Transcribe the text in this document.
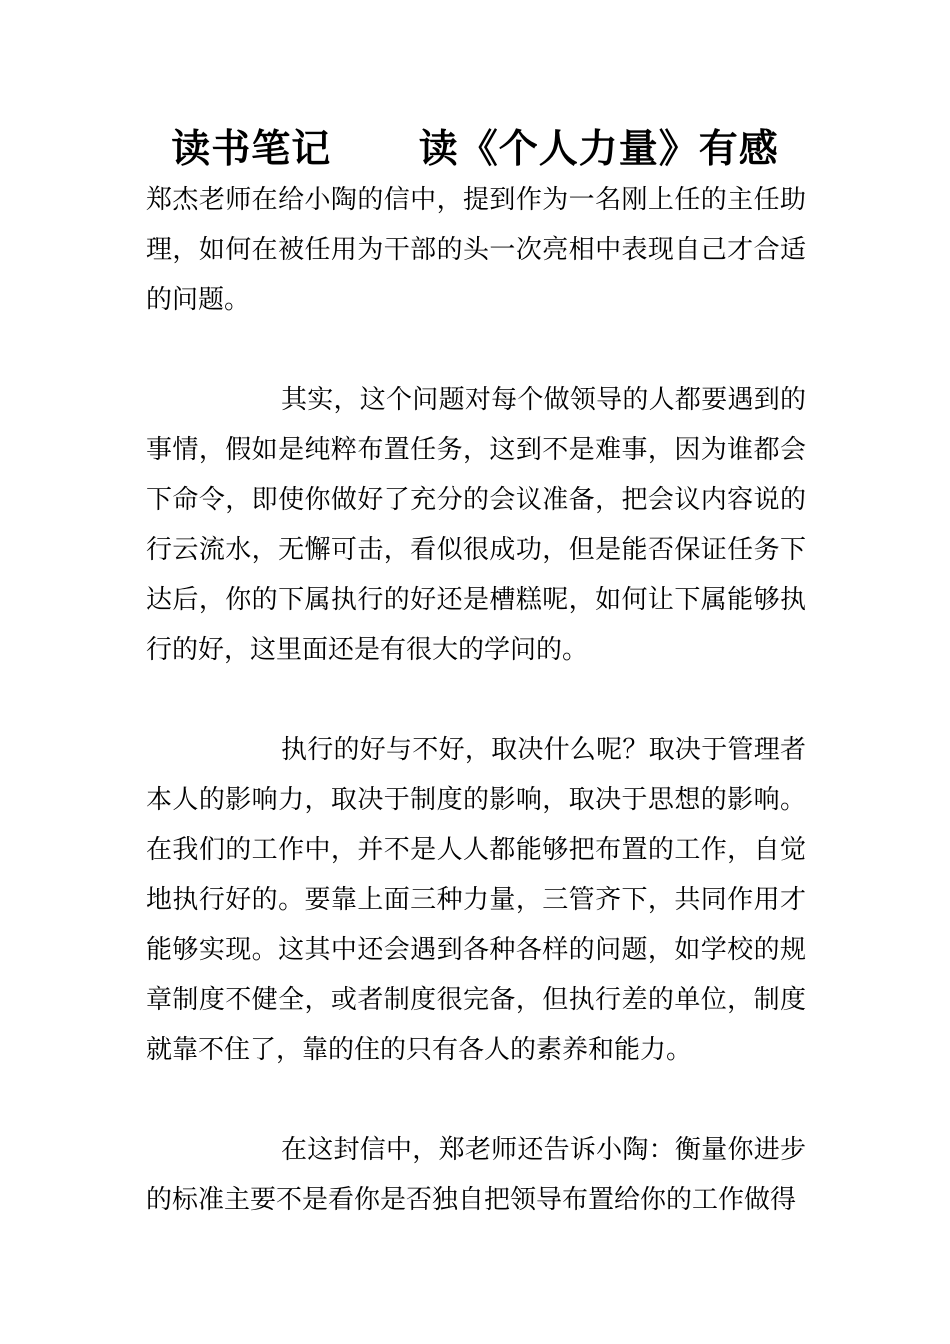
读书笔记      读《个人力量》有感

郑杰老师在给小陶的信中，提到作为一名刚上任的主任助理，如何在被任用为干部的头一次亮相中表现自己才合适的问题。

其实，这个问题对每个做领导的人都要遇到的事情，假如是纯粹布置任务，这到不是难事，因为谁都会下命令，即使你做好了充分的会议准备，把会议内容说的行云流水，无懈可击，看似很成功，但是能否保证任务下达后，你的下属执行的好还是槽糕呢，如何让下属能够执行的好，这里面还是有很大的学问的。

执行的好与不好，取决什么呢？取决于管理者本人的影响力，取决于制度的影响，取决于思想的影响。在我们的工作中，并不是人人都能够把布置的工作，自觉地执行好的。要靠上面三种力量，三管齐下，共同作用才能够实现。这其中还会遇到各种各样的问题，如学校的规章制度不健全，或者制度很完备，但执行差的单位，制度就靠不住了，靠的住的只有各人的素养和能力。

在这封信中，郑老师还告诉小陶：衡量你进步的标准主要不是看你是否独自把领导布置给你的工作做得
